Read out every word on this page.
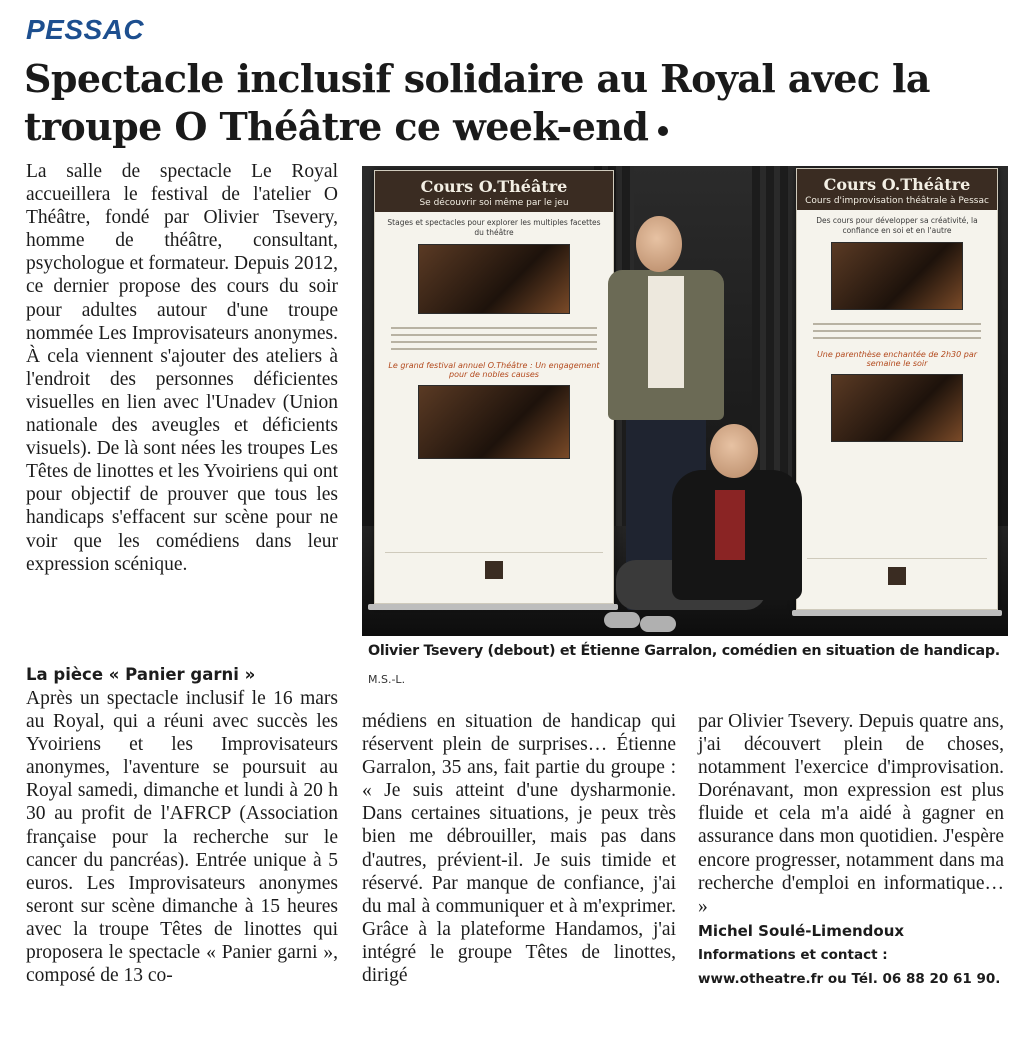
PESSAC
Spectacle inclusif solidaire au Royal avec la troupe O Théâtre ce week-end

La salle de spectacle Le Royal accueillera le festival de l'atelier O Théâtre, fondé par Olivier Tsevery, homme de théâtre, consultant, psychologue et formateur. Depuis 2012, ce dernier propose des cours du soir pour adultes autour d'une troupe nommée Les Improvisateurs anonymes. À cela viennent s'ajouter des ateliers à l'endroit des personnes déficientes visuelles en lien avec l'Unadev (Union nationale des aveugles et déficients visuels). De là sont nées les troupes Les Têtes de linottes et les Yvoiriens qui ont pour objectif de prouver que tous les handicaps s'effacent sur scène pour ne voir que les comédiens dans leur expression scénique.

Cours O.Théâtre
Se découvrir soi même par le jeu
Stages et spectacles pour explorer les multiples facettes du théâtre
Le grand festival annuel O.Théâtre : Un engagement pour de nobles causes
Cours O.Théâtre
Cours d'improvisation théâtrale à Pessac
Des cours pour développer sa créativité, la confiance en soi et en l'autre
Une parenthèse enchantée de 2h30 par semaine le soir
Olivier Tsevery (debout) et Étienne Garralon, comédien en situation de handicap.
M.S.-L.
La pièce « Panier garni »

Après un spectacle inclusif le 16 mars au Royal, qui a réuni avec succès les Yvoiriens et les Improvisateurs anonymes, l'aventure se poursuit au Royal samedi, dimanche et lundi à 20 h 30 au profit de l'AFRCP (Association française pour la recherche sur le cancer du pancréas). Entrée unique à 5 euros. Les Improvisateurs anonymes seront sur scène dimanche à 15 heures avec la troupe Têtes de linottes qui proposera le spectacle « Panier garni », composé de 13 co-

médiens en situation de handicap qui réservent plein de surprises… Étienne Garralon, 35 ans, fait partie du groupe : « Je suis atteint d'une dysharmonie. Dans certaines situations, je peux très bien me débrouiller, mais pas dans d'autres, prévient-il. Je suis timide et réservé. Par manque de confiance, j'ai du mal à communiquer et à m'exprimer. Grâce à la plateforme Handamos, j'ai intégré le groupe Têtes de linottes, dirigé

par Olivier Tsevery. Depuis quatre ans, j'ai découvert plein de choses, notamment l'exercice d'improvisation. Dorénavant, mon expression est plus fluide et cela m'a aidé à gagner en assurance dans mon quotidien. J'espère encore progresser, notamment dans ma recherche d'emploi en informatique… »

Michel Soulé-Limendoux
Informations et contact :
www.otheatre.fr ou Tél. 06 88 20 61 90.
